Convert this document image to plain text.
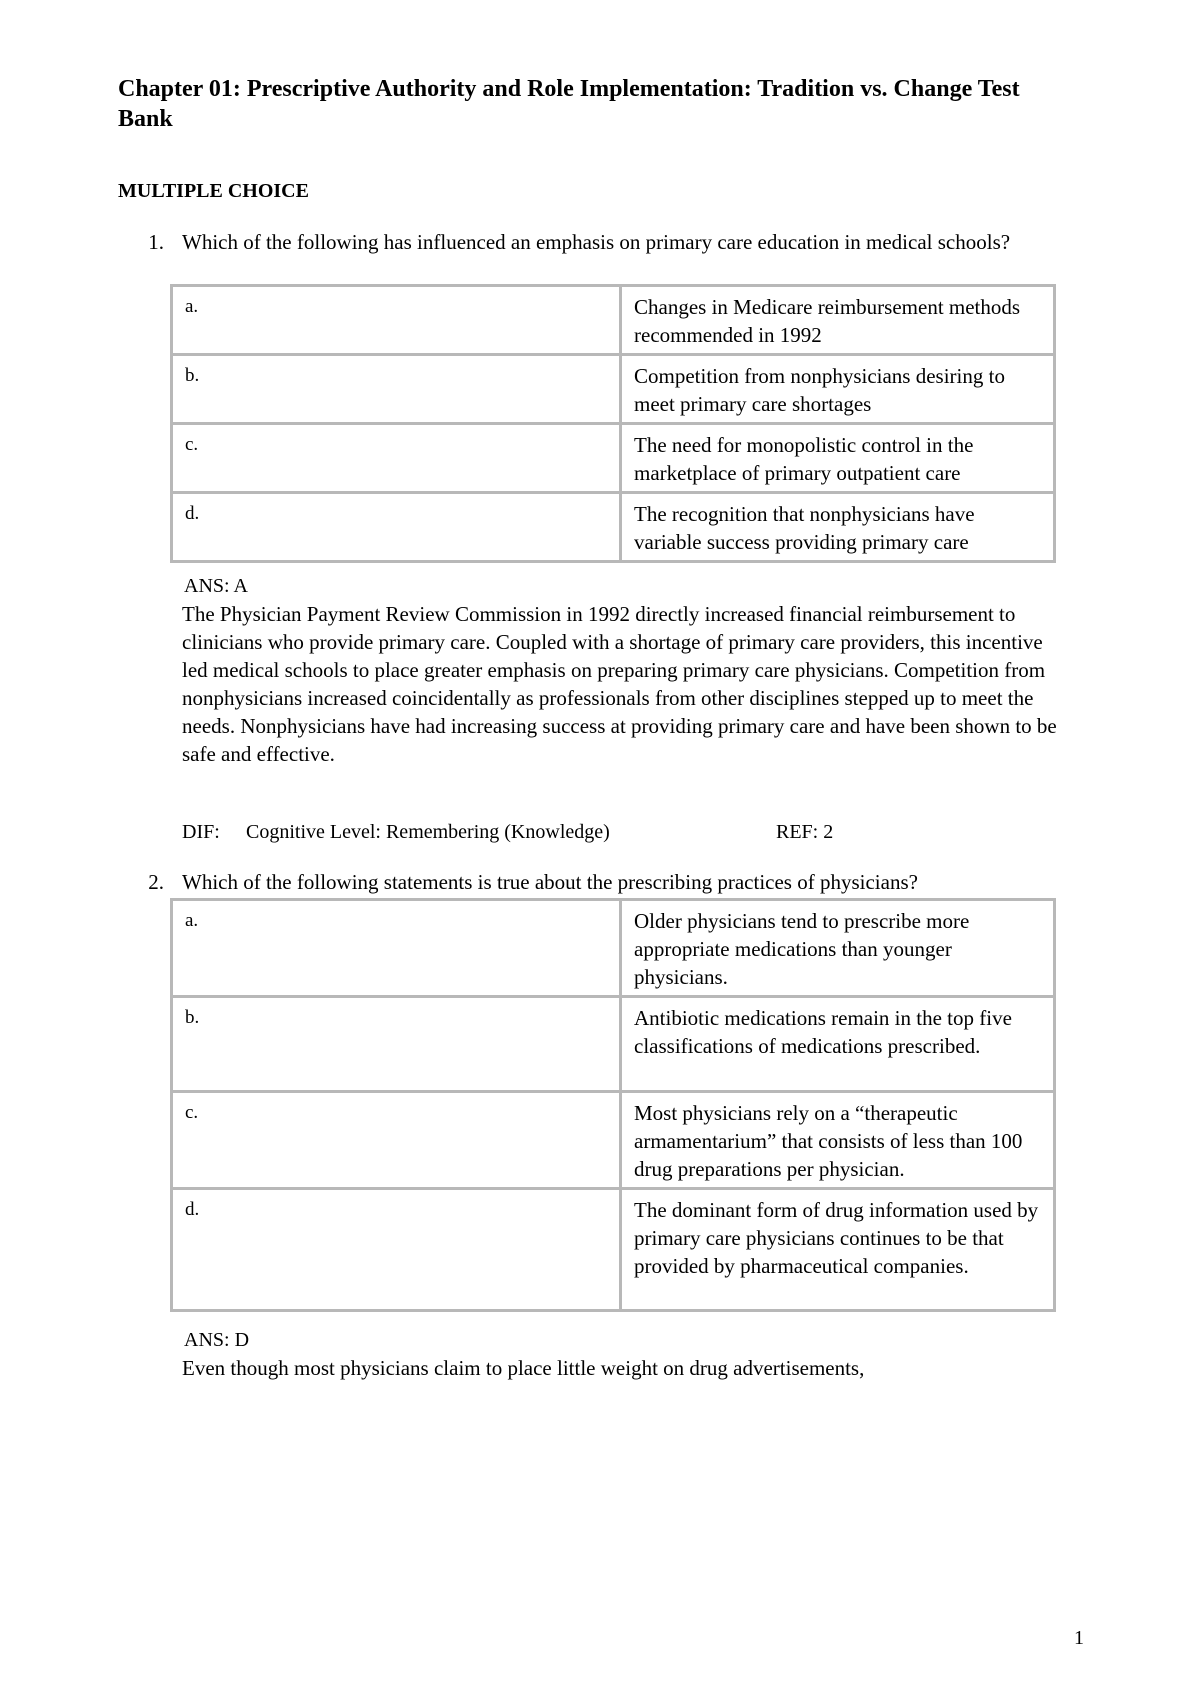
Chapter 01: Prescriptive Authority and Role Implementation: Tradition vs. Change Test Bank
MULTIPLE CHOICE
1. Which of the following has influenced an emphasis on primary care education in medical schools?
a.	Changes in Medicare reimbursement methods recommended in 1992
b.	Competition from nonphysicians desiring to meet primary care shortages
c.	The need for monopolistic control in the marketplace of primary outpatient care
d.	The recognition that nonphysicians have variable success providing primary care
ANS: A
The Physician Payment Review Commission in 1992 directly increased financial reimbursement to clinicians who provide primary care. Coupled with a shortage of primary care providers, this incentive led medical schools to place greater emphasis on preparing primary care physicians. Competition from nonphysicians increased coincidentally as professionals from other disciplines stepped up to meet the needs. Nonphysicians have had increasing success at providing primary care and have been shown to be safe and effective.
DIF: Cognitive Level: Remembering (Knowledge)	REF: 2
2. Which of the following statements is true about the prescribing practices of physicians?
a.	Older physicians tend to prescribe more appropriate medications than younger physicians.
b.	Antibiotic medications remain in the top five classifications of medications prescribed.
c.	Most physicians rely on a “therapeutic armamentarium” that consists of less than 100 drug preparations per physician.
d.	The dominant form of drug information used by primary care physicians continues to be that provided by pharmaceutical companies.
ANS: D
Even though most physicians claim to place little weight on drug advertisements,
1
